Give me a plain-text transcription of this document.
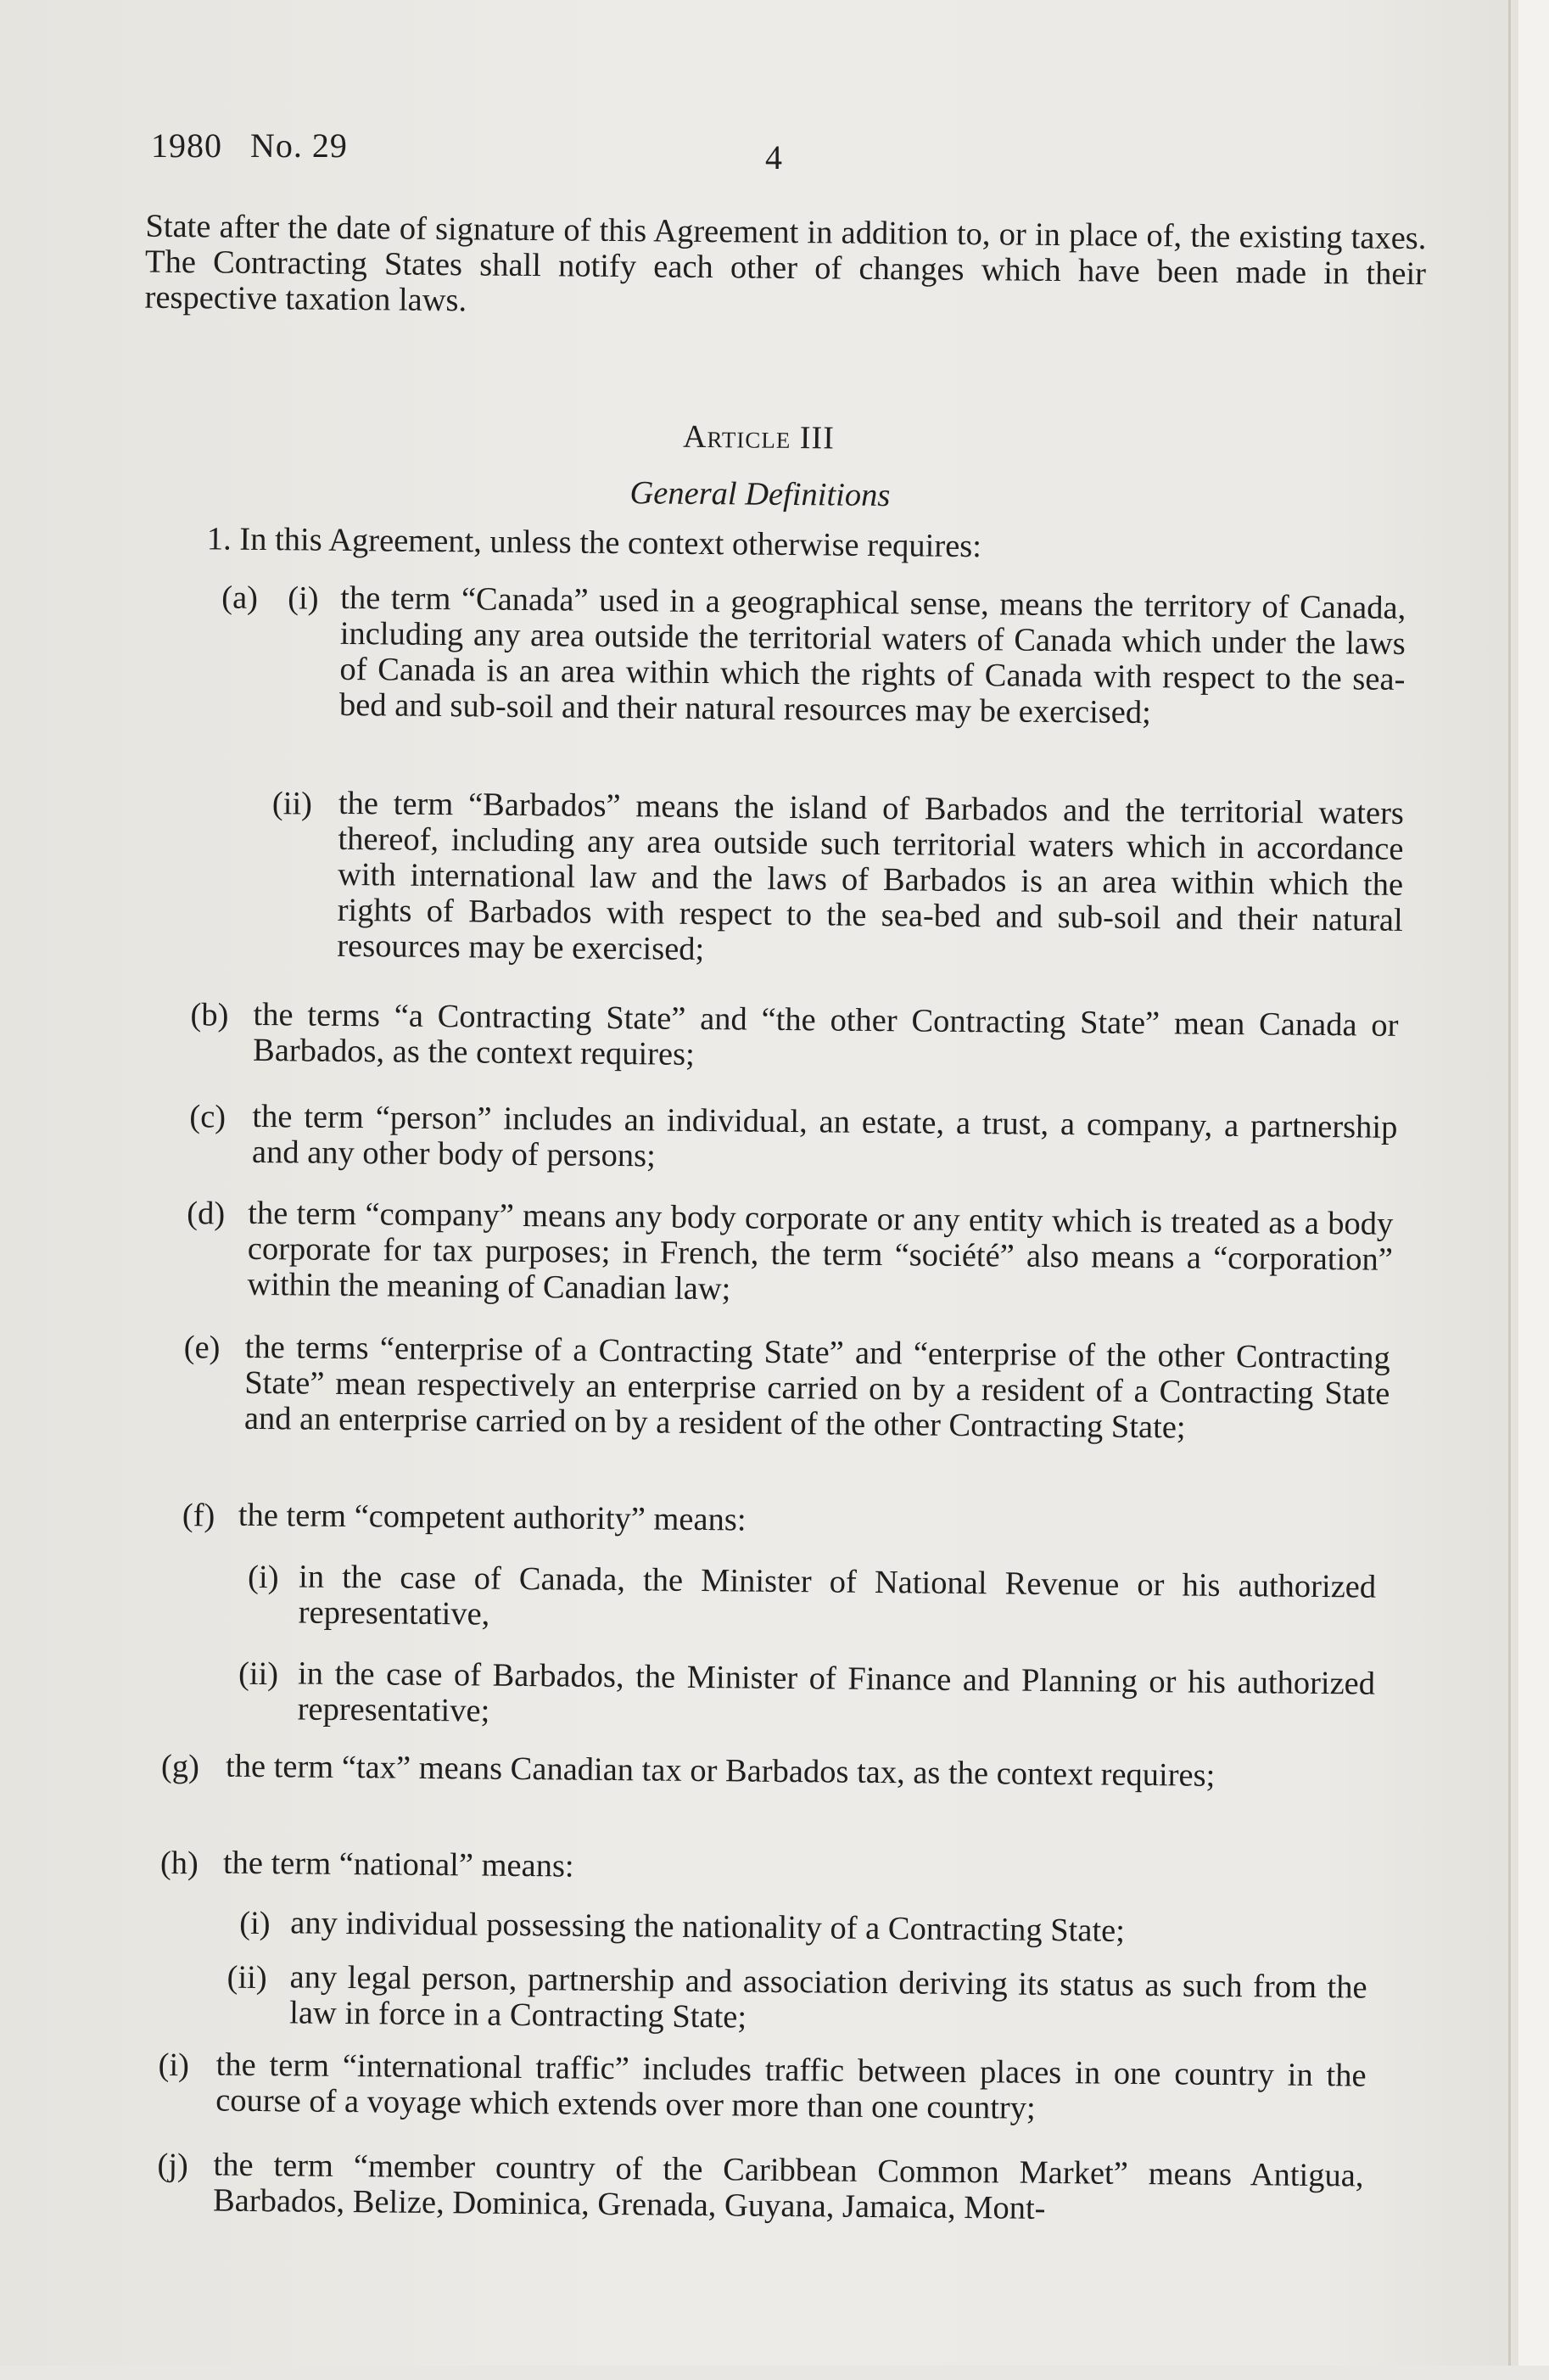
1980   No. 29	4
State after the date of signature of this Agreement in addition to, or in place of, the existing taxes. The Contracting States shall notify each other of changes which have been made in their respective taxation laws.
Article III
General Definitions
1. In this Agreement, unless the context otherwise requires:
(a) (i) the term “Canada” used in a geographical sense, means the territory of Canada, including any area outside the territorial waters of Canada which under the laws of Canada is an area within which the rights of Canada with respect to the sea-bed and sub-soil and their natural resources may be exercised;
(ii) the term “Barbados” means the island of Barbados and the territorial waters thereof, including any area outside such territorial waters which in accordance with international law and the laws of Barbados is an area within which the rights of Barbados with respect to the sea-bed and sub-soil and their natural resources may be exercised;
(b) the terms “a Contracting State” and “the other Contracting State” mean Canada or Barbados, as the context requires;
(c) the term “person” includes an individual, an estate, a trust, a company, a partnership and any other body of persons;
(d) the term “company” means any body corporate or any entity which is treated as a body corporate for tax purposes; in French, the term “société” also means a “corporation” within the meaning of Canadian law;
(e) the terms “enterprise of a Contracting State” and “enterprise of the other Contracting State” mean respectively an enterprise carried on by a resident of a Contracting State and an enterprise carried on by a resident of the other Contracting State;
(f) the term “competent authority” means:
(i) in the case of Canada, the Minister of National Revenue or his authorized representative,
(ii) in the case of Barbados, the Minister of Finance and Planning or his authorized representative;
(g) the term “tax” means Canadian tax or Barbados tax, as the context requires;
(h) the term “national” means:
(i) any individual possessing the nationality of a Contracting State;
(ii) any legal person, partnership and association deriving its status as such from the law in force in a Contracting State;
(i) the term “international traffic” includes traffic between places in one country in the course of a voyage which extends over more than one country;
(j) the term “member country of the Caribbean Common Market” means Antigua, Barbados, Belize, Dominica, Grenada, Guyana, Jamaica, Mont-
